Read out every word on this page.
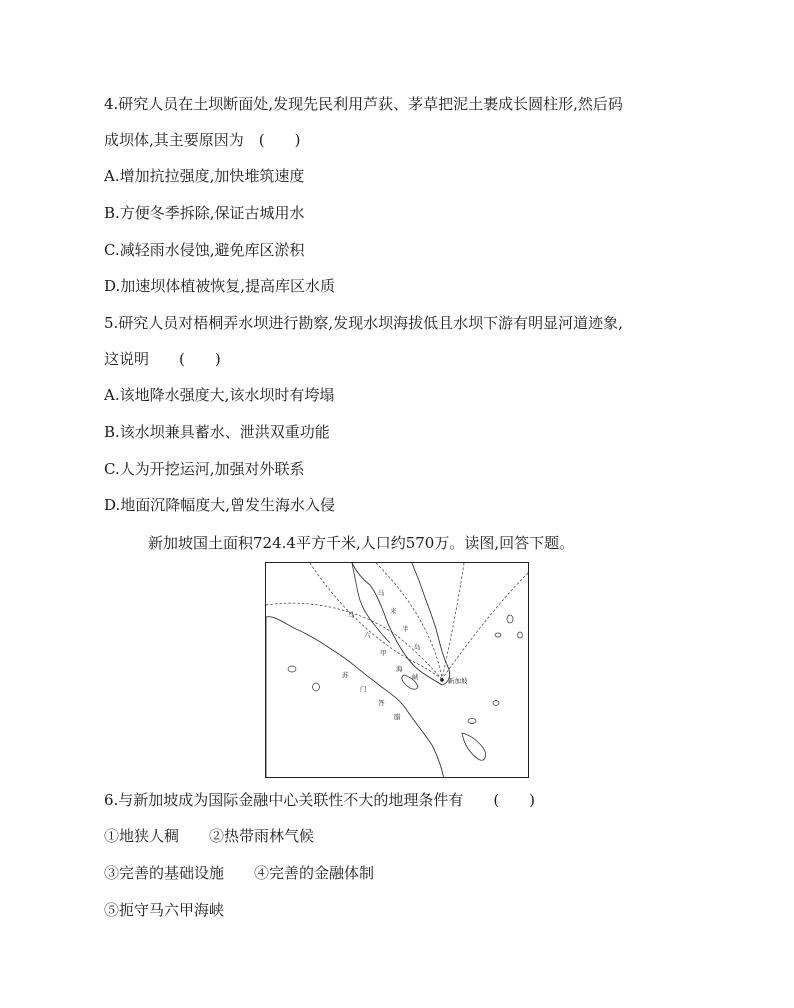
4.研究人员在土坝断面处,发现先民利用芦荻、茅草把泥土裹成长圆柱形,然后码
成坝体,其主要原因为　(　　)
A.增加抗拉强度,加快堆筑速度
B.方便冬季拆除,保证古城用水
C.减轻雨水侵蚀,避免库区淤积
D.加速坝体植被恢复,提高库区水质
5.研究人员对梧桐弄水坝进行勘察,发现水坝海拔低且水坝下游有明显河道迹象,
这说明　　(　　)
A.该地降水强度大,该水坝时有垮塌
B.该水坝兼具蓄水、泄洪双重功能
C.人为开挖运河,加强对外联系
D.地面沉降幅度大,曾发生海水入侵
新加坡国土面积724.4平方千米,人口约570万。读图,回答下题。
新加坡
马
六
甲
海
峡
苏
门
答
腊
马
来
半
岛
6.与新加坡成为国际金融中心关联性不大的地理条件有　　(　　)
①地狭人稠　　②热带雨林气候
③完善的基础设施　　④完善的金融体制
⑤扼守马六甲海峡
